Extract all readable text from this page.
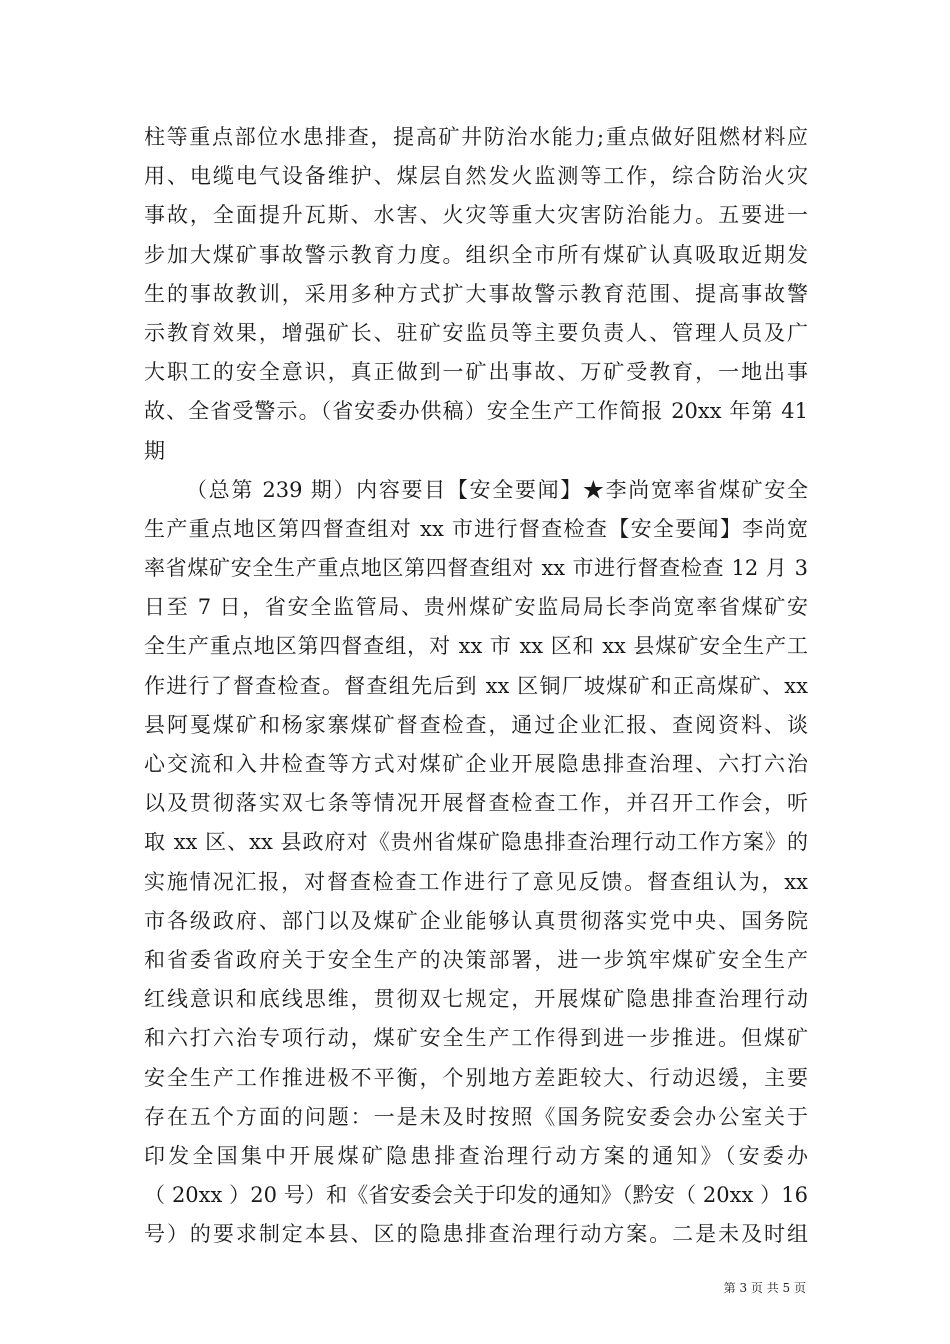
柱等重点部位水患排查，提高矿井防治水能力;重点做好阻燃材料应
用、电缆电气设备维护、煤层自然发火监测等工作，综合防治火灾
事故，全面提升瓦斯、水害、火灾等重大灾害防治能力。五要进一
步加大煤矿事故警示教育力度。组织全市所有煤矿认真吸取近期发
生的事故教训，采用多种方式扩大事故警示教育范围、提高事故警
示教育效果，增强矿长、驻矿安监员等主要负责人、管理人员及广
大职工的安全意识，真正做到一矿出事故、万矿受教育，一地出事
故、全省受警示。（省安委办供稿）安全生产工作简报 20xx 年第 41
期
（总第 239 期）内容要目【安全要闻】★李尚宽率省煤矿安全
生产重点地区第四督查组对 xx 市进行督查检查【安全要闻】李尚宽
率省煤矿安全生产重点地区第四督查组对 xx 市进行督查检查 12 月 3
日至 7 日，省安全监管局、贵州煤矿安监局局长李尚宽率省煤矿安
全生产重点地区第四督查组，对 xx 市 xx 区和 xx 县煤矿安全生产工
作进行了督查检查。督查组先后到 xx 区铜厂坡煤矿和正高煤矿、xx
县阿戛煤矿和杨家寨煤矿督查检查，通过企业汇报、查阅资料、谈
心交流和入井检查等方式对煤矿企业开展隐患排查治理、六打六治
以及贯彻落实双七条等情况开展督查检查工作，并召开工作会，听
取 xx 区、xx 县政府对《贵州省煤矿隐患排查治理行动工作方案》的
实施情况汇报，对督查检查工作进行了意见反馈。督查组认为，xx
市各级政府、部门以及煤矿企业能够认真贯彻落实党中央、国务院
和省委省政府关于安全生产的决策部署，进一步筑牢煤矿安全生产
红线意识和底线思维，贯彻双七规定，开展煤矿隐患排查治理行动
和六打六治专项行动，煤矿安全生产工作得到进一步推进。但煤矿
安全生产工作推进极不平衡，个别地方差距较大、行动迟缓，主要
存在五个方面的问题：一是未及时按照《国务院安委会办公室关于
印发全国集中开展煤矿隐患排查治理行动方案的通知》（安委办
（ 20xx ）20 号）和《省安委会关于印发的通知》（黔安（ 20xx ）16
号）的要求制定本县、区的隐患排查治理行动方案。二是未及时组
第 3 页 共 5 页
